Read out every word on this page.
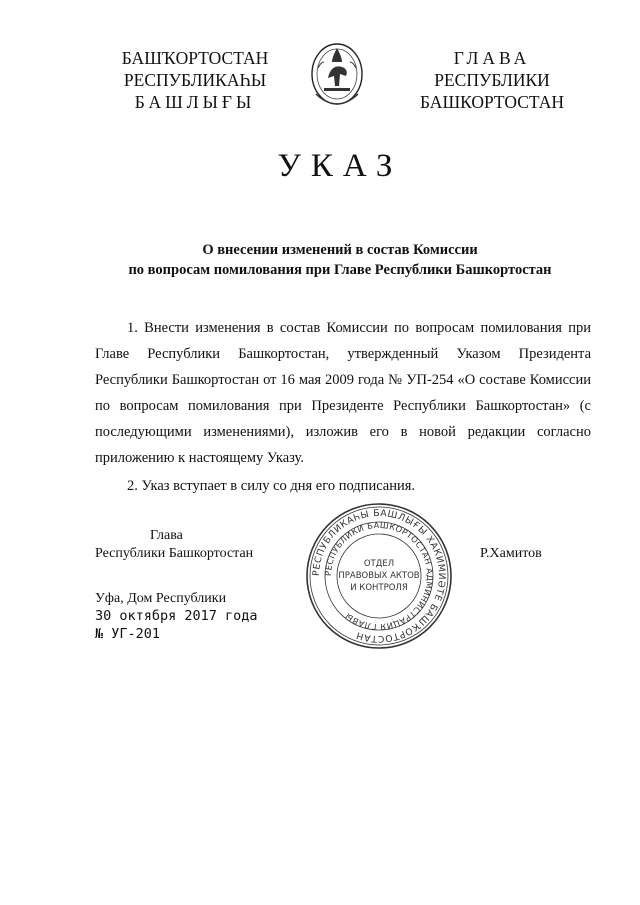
БАШҠОРТОСТАН
РЕСПУБЛИКАҺЫ
БАШЛЫҒЫ
ГЛАВА
РЕСПУБЛИКИ
БАШКОРТОСТАН
УКАЗ
О внесении изменений в состав Комиссии
по вопросам помилования при Главе Республики Башкортостан
1. Внести изменения в состав Комиссии по вопросам помилования при Главе Республики Башкортостан, утвержденный Указом Президента Республики Башкортостан от 16 мая 2009 года № УП-254 «О составе Комиссии по вопросам помилования при Президенте Республики Башкортостан» (с последующими изменениями), изложив его в новой редакции согласно приложению к настоящему Указу.
2. Указ вступает в силу со дня его подписания.
Глава
Республики Башкортостан	Р.Хамитов
РЕСПУБЛИКАҺЫ БАШЛЫҒЫ ХАКИМИӘТЕ БАШҠОРТОСТАН
РЕСПУБЛИКИ БАШКОРТОСТАН АДМИНИСТРАЦИЯ ГЛАВЫ
ОТДЕЛ
ПРАВОВЫХ АКТОВ
И КОНТРОЛЯ
Уфа, Дом Республики
30 октября 2017 года
№ УГ-201
